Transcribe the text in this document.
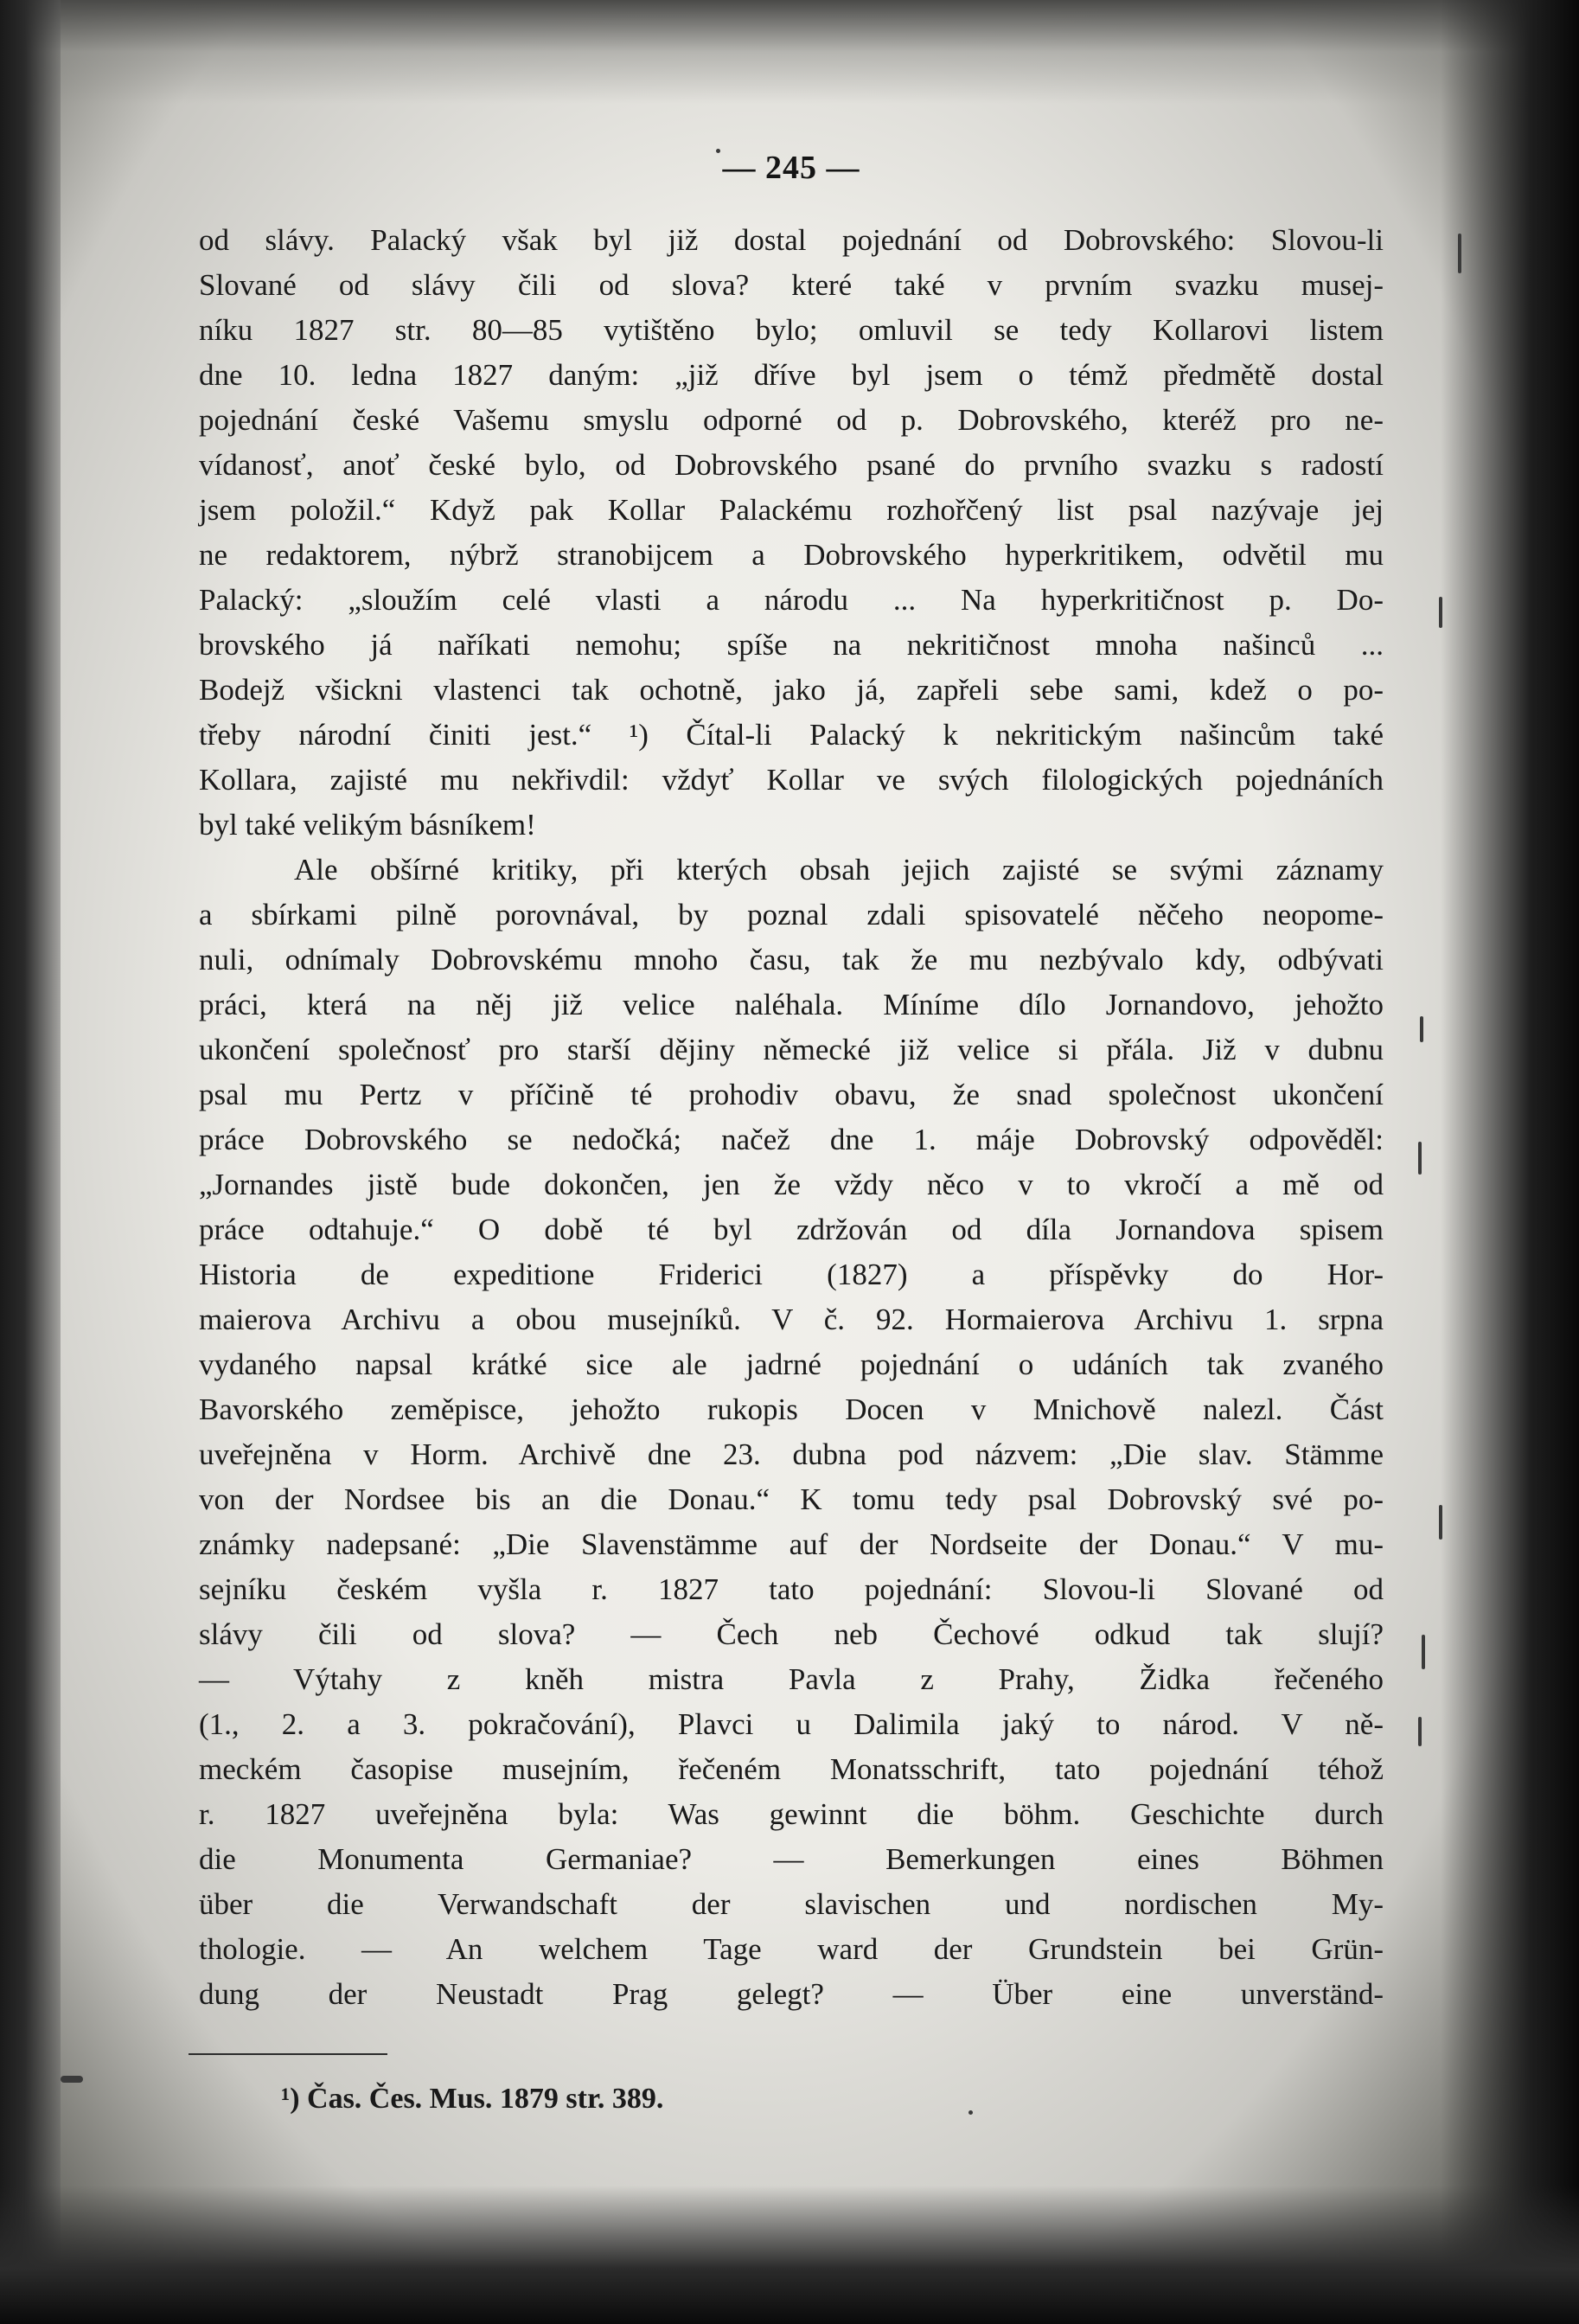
— 245 —
od slávy. Palacký však byl již dostal pojednání od Dobrovského: Slovou-li
Slované od slávy čili od slova? které také v prvním svazku musej-
níku 1827 str. 80—85 vytištěno bylo; omluvil se tedy Kollarovi listem
dne 10. ledna 1827 daným: „již dříve byl jsem o témž předmětě dostal
pojednání české Vašemu smyslu odporné od p. Dobrovského, kteréž pro ne-
vídanosť, anoť české bylo, od Dobrovského psané do prvního svazku s radostí
jsem položil.“ Když pak Kollar Palackému rozhořčený list psal nazývaje jej
ne redaktorem, nýbrž stranobijcem a Dobrovského hyperkritikem, odvětil mu
Palacký: „sloužím celé vlasti a národu ... Na hyperkritičnost p. Do-
brovského já naříkati nemohu; spíše na nekritičnost mnoha našinců ...
Bodejž všickni vlastenci tak ochotně, jako já, zapřeli sebe sami, kdež o po-
třeby národní činiti jest.“ ¹) Čítal-li Palacký k nekritickým našincům také
Kollara, zajisté mu nekřivdil: vždyť Kollar ve svých filologických pojednáních
byl také velikým básníkem!
Ale obšírné kritiky, při kterých obsah jejich zajisté se svými záznamy
a sbírkami pilně porovnával, by poznal zdali spisovatelé něčeho neopome-
nuli, odnímaly Dobrovskému mnoho času, tak že mu nezbývalo kdy, odbývati
práci, která na něj již velice naléhala. Míníme dílo Jornandovo, jehožto
ukončení společnosť pro starší dějiny německé již velice si přála. Již v dubnu
psal mu Pertz v příčině té prohodiv obavu, že snad společnost ukončení
práce Dobrovského se nedočká; načež dne 1. máje Dobrovský odpověděl:
„Jornandes jistě bude dokončen, jen že vždy něco v to vkročí a mě od
práce odtahuje.“ O době té byl zdržován od díla Jornandova spisem
Historia de expeditione Friderici (1827) a příspěvky do Hor-
maierova Archivu a obou musejníků. V č. 92. Hormaierova Archivu 1. srpna
vydaného napsal krátké sice ale jadrné pojednání o udáních tak zvaného
Bavorského zeměpisce, jehožto rukopis Docen v Mnichově nalezl. Část
uveřejněna v Horm. Archivě dne 23. dubna pod názvem: „Die slav. Stämme
von der Nordsee bis an die Donau.“ K tomu tedy psal Dobrovský své po-
známky nadepsané: „Die Slavenstämme auf der Nordseite der Donau.“ V mu-
sejníku českém vyšla r. 1827 tato pojednání: Slovou-li Slované od
slávy čili od slova? — Čech neb Čechové odkud tak slují?
— Výtahy z kněh mistra Pavla z Prahy, Židka řečeného
(1., 2. a 3. pokračování), Plavci u Dalimila jaký to národ. V ně-
meckém časopise musejním, řečeném Monatsschrift, tato pojednání téhož
r. 1827 uveřejněna byla: Was gewinnt die böhm. Geschichte durch
die Monumenta Germaniae? — Bemerkungen eines Böhmen
über die Verwandschaft der slavischen und nordischen My-
thologie. — An welchem Tage ward der Grundstein bei Grün-
dung der Neustadt Prag gelegt? — Über eine unverständ-
¹) Čas. Čes. Mus. 1879 str. 389.
